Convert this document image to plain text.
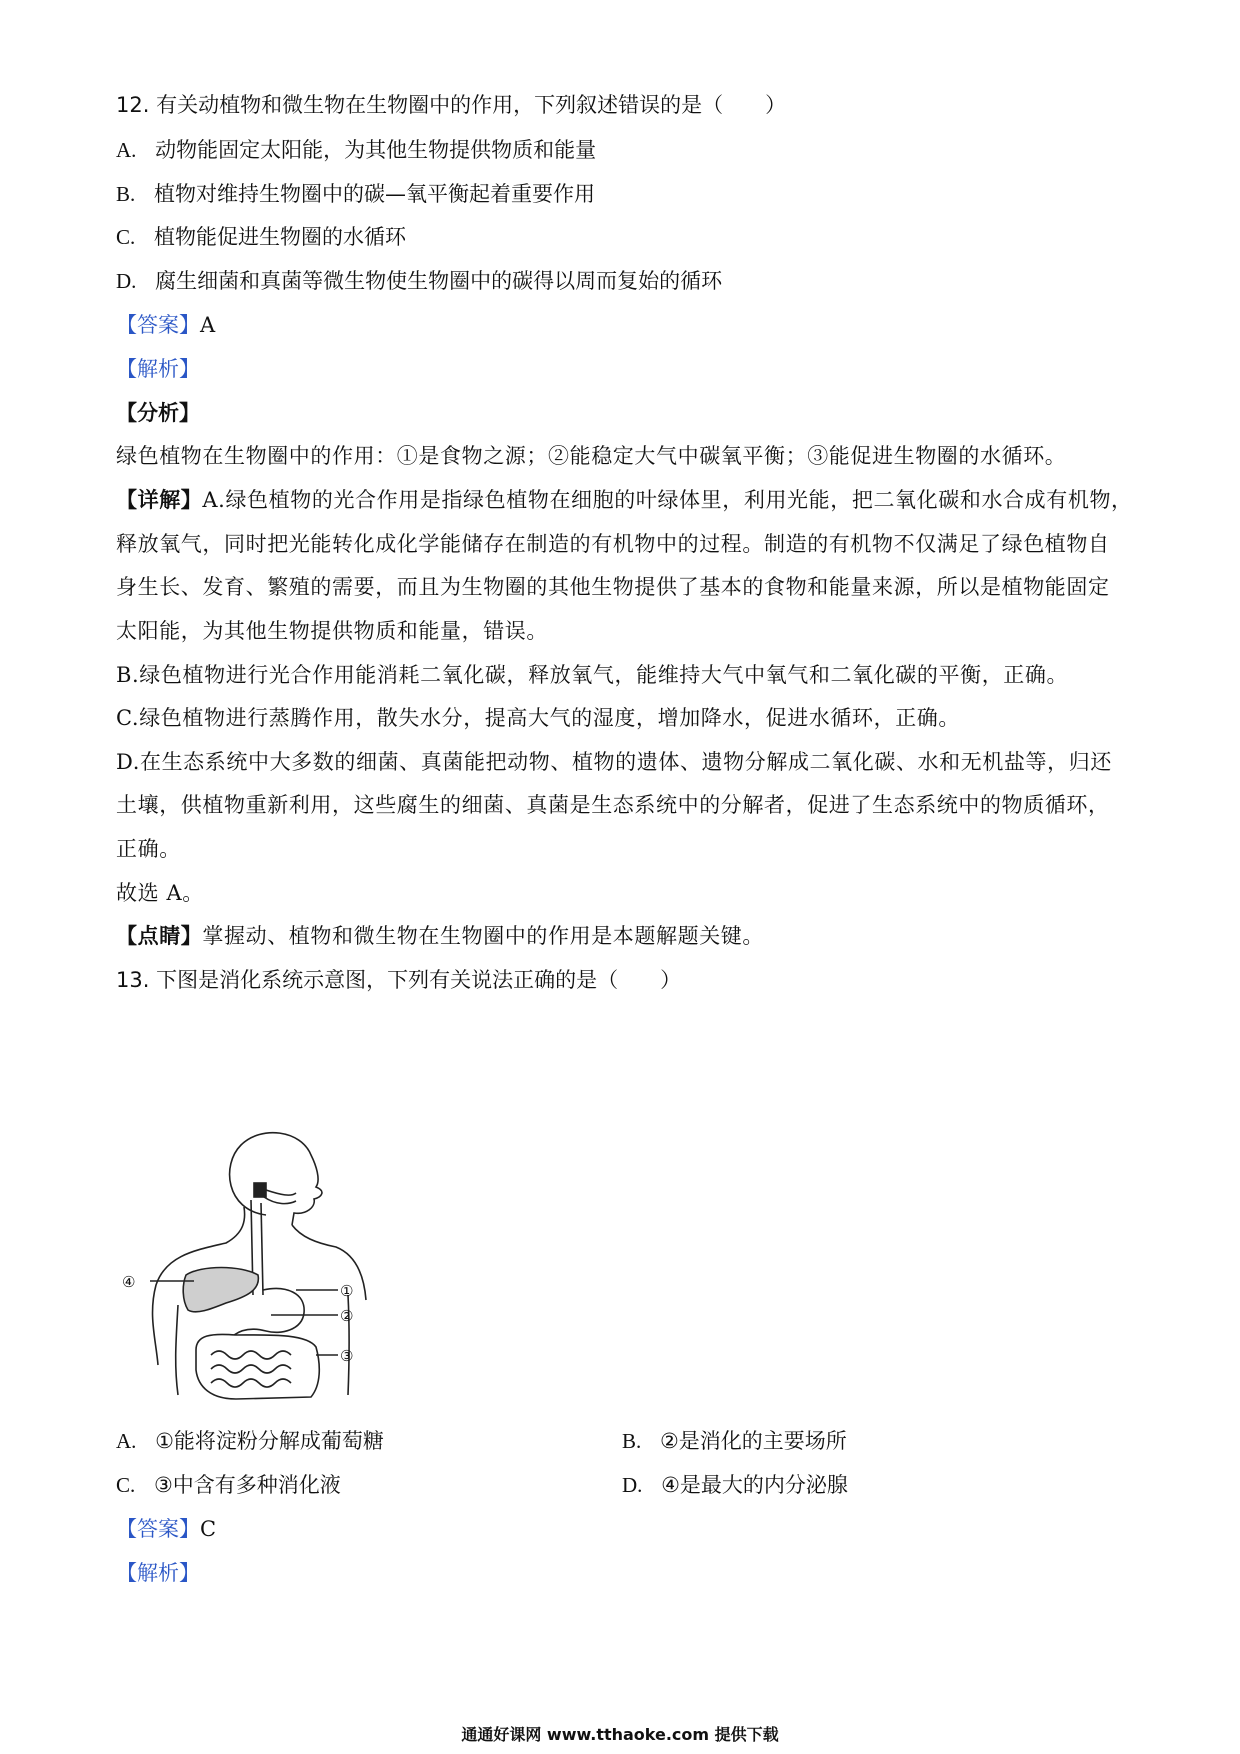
12. 有关动植物和微生物在生物圈中的作用，下列叙述错误的是（　　）
A. 动物能固定太阳能，为其他生物提供物质和能量
B. 植物对维持生物圈中的碳—氧平衡起着重要作用
C. 植物能促进生物圈的水循环
D. 腐生细菌和真菌等微生物使生物圈中的碳得以周而复始的循环
【答案】A
【解析】
【分析】
绿色植物在生物圈中的作用：①是食物之源；②能稳定大气中碳氧平衡；③能促进生物圈的水循环。
【详解】A.绿色植物的光合作用是指绿色植物在细胞的叶绿体里，利用光能，把二氧化碳和水合成有机物，
释放氧气，同时把光能转化成化学能储存在制造的有机物中的过程。制造的有机物不仅满足了绿色植物自
身生长、发育、繁殖的需要，而且为生物圈的其他生物提供了基本的食物和能量来源，所以是植物能固定
太阳能，为其他生物提供物质和能量，错误。
B.绿色植物进行光合作用能消耗二氧化碳，释放氧气，能维持大气中氧气和二氧化碳的平衡，正确。
C.绿色植物进行蒸腾作用，散失水分，提高大气的湿度，增加降水，促进水循环，正确。
D.在生态系统中大多数的细菌、真菌能把动物、植物的遗体、遗物分解成二氧化碳、水和无机盐等，归还
土壤，供植物重新利用，这些腐生的细菌、真菌是生态系统中的分解者，促进了生态系统中的物质循环，
正确。
故选 A。
【点睛】掌握动、植物和微生物在生物圈中的作用是本题解题关键。
13. 下图是消化系统示意图，下列有关说法正确的是（　　）
④	①
②
③
A. ①能将淀粉分解成葡萄糖	B. ②是消化的主要场所
C. ③中含有多种消化液	D. ④是最大的内分泌腺
【答案】C
【解析】
通通好课网 www.tthaoke.com 提供下载
